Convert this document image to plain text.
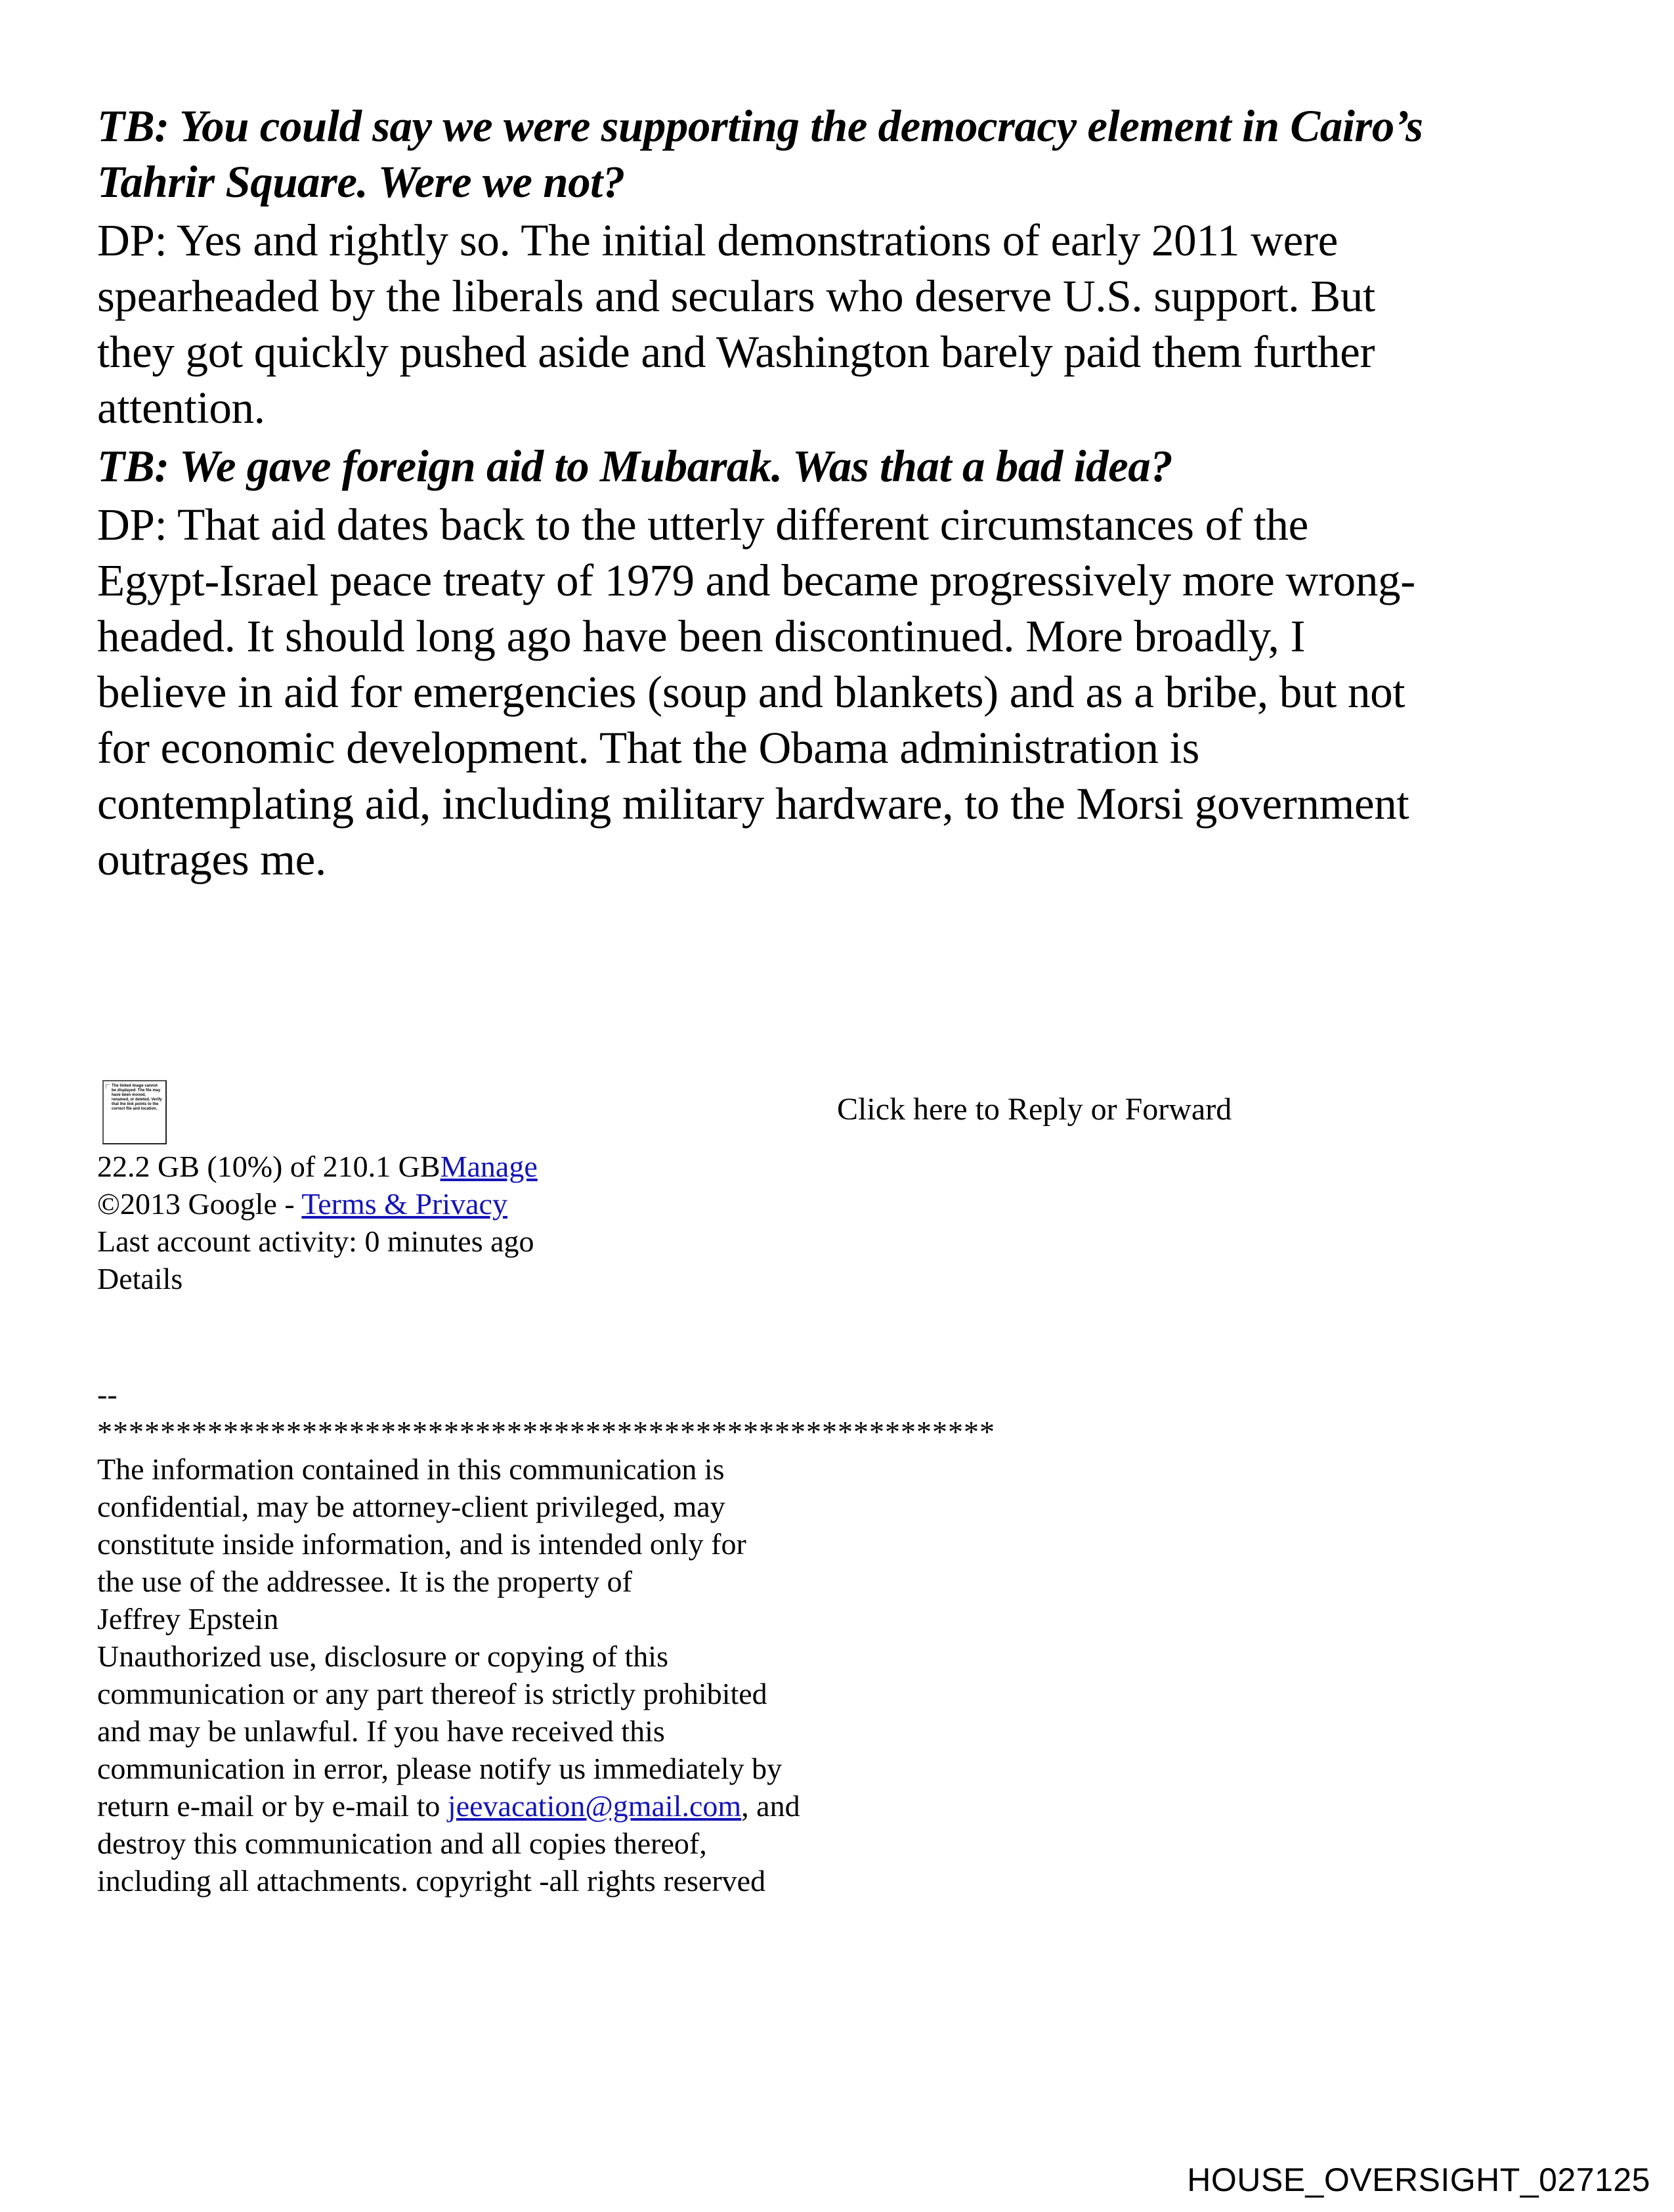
TB: You could say we were supporting the democracy element in Cairo’s
Tahrir Square. Were we not?
DP: Yes and rightly so. The initial demonstrations of early 2011 were
spearheaded by the liberals and seculars who deserve U.S. support. But
they got quickly pushed aside and Washington barely paid them further
attention.
TB: We gave foreign aid to Mubarak. Was that a bad idea?
DP: That aid dates back to the utterly different circumstances of the
Egypt-Israel peace treaty of 1979 and became progressively more wrong-
headed. It should long ago have been discontinued. More broadly, I
believe in aid for emergencies (soup and blankets) and as a bribe, but not
for economic development. That the Obama administration is
contemplating aid, including military hardware, to the Morsi government
outrages me.
The linked image cannot be displayed. The file may have been moved, renamed, or deleted. Verify that the link points to the correct file and location.	Click here to Reply or Forward
22.2 GB (10%) of 210.1 GBManage
©2013 Google - Terms & Privacy
Last account activity: 0 minutes ago
Details
--
*********************************************************
The information contained in this communication is
confidential, may be attorney-client privileged, may
constitute inside information, and is intended only for
the use of the addressee. It is the property of
Jeffrey Epstein
Unauthorized use, disclosure or copying of this
communication or any part thereof is strictly prohibited
and may be unlawful. If you have received this
communication in error, please notify us immediately by
return e-mail or by e-mail to jeevacation@gmail.com, and
destroy this communication and all copies thereof,
including all attachments. copyright -all rights reserved
HOUSE_OVERSIGHT_027125
